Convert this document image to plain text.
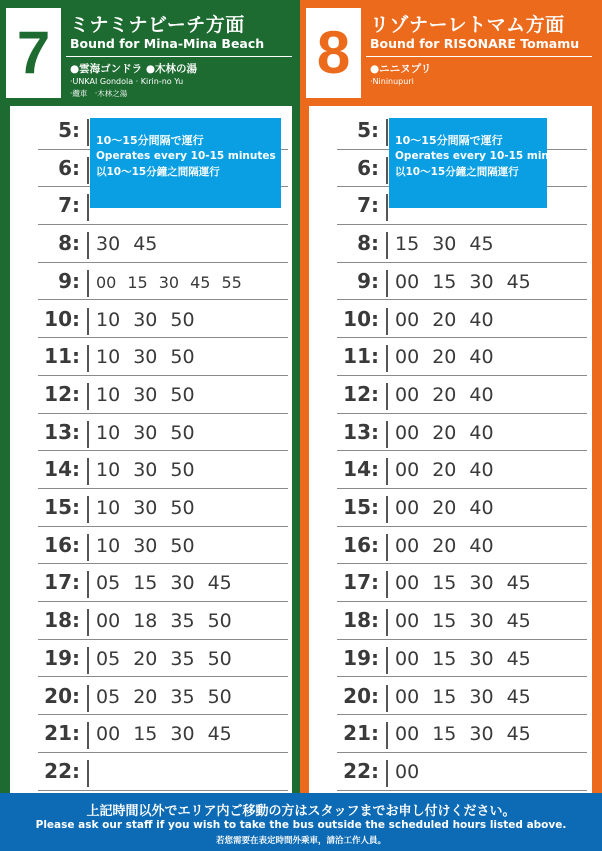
7 ミナミナビーチ方面
Bound for Mina-Mina Beach
●雲海ゴンドラ ●木林の湯
·UNKAI Gondola · Kirin-no Yu
·纜車　·木林之湯
8 リゾナーレトマム方面
Bound for RISONARE Tomamu
●ニニヌプリ
·Nininupuri
5:
6:
7:
8: 30 45
9: 00 15 30 45 55
10: 10 30 50
11: 10 30 50
12: 10 30 50
13: 10 30 50
14: 10 30 50
15: 10 30 50
16: 10 30 50
17: 05 15 30 45
18: 00 18 35 50
19: 05 20 35 50
20: 05 20 35 50
21: 00 15 30 45
22:
10〜15分間隔で運行
Operates every 10-15 minutes
以10〜15分鐘之間隔運行
5:
6:
7:
8: 15 30 45
9: 00 15 30 45
10: 00 20 40
11: 00 20 40
12: 00 20 40
13: 00 20 40
14: 00 20 40
15: 00 20 40
16: 00 20 40
17: 00 15 30 45
18: 00 15 30 45
19: 00 15 30 45
20: 00 15 30 45
21: 00 15 30 45
22: 00
10〜15分間隔で運行
Operates every 10-15 minutes
以10〜15分鐘之間隔運行
上記時間以外でエリア内ご移動の方はスタッフまでお申し付けください。
Please ask our staff if you wish to take the bus outside the scheduled hours listed above.
若您需要在表定時間外乘車，請洽工作人員。
